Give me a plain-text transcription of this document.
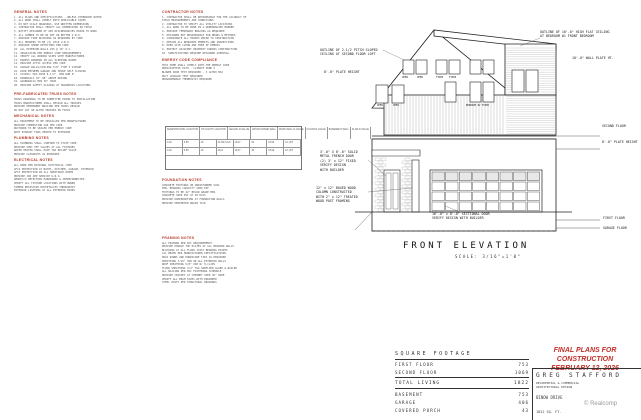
GENERAL NOTES
1. ALL PLANS AND SPECIFICATIONS - UNLESS OTHERWISE NOTED
2. ALL WORK SHALL COMPLY WITH APPLICABLE CODES
3. DO NOT SCALE DRAWINGS. USE WRITTEN DIMENSIONS
4. CONTRACTOR SHALL VERIFY ALL DIMENSIONS IN FIELD
5. NOTIFY DESIGNER OF ANY DISCREPANCIES PRIOR TO WORK
6. ALL LUMBER TO BE #2 SPF OR BETTER U.N.O.
7. PROVIDE FIRE BLOCKING AS REQUIRED BY CODE
8. ALL HEADERS TO BE (2) 2X10 U.N.O.
9. PROVIDE SMOKE DETECTORS PER CODE
10. ALL EXTERIOR WALLS 2X6 @ 16" O.C.
11. INSULATION PER ENERGY CODE REQUIREMENTS
12. VERIFY ALL WINDOW SIZES WITH MANUFACTURER
13. EGRESS WINDOWS IN ALL SLEEPING ROOMS
14. PROVIDE ATTIC ACCESS PER CODE
15. GARAGE WALLS/CEILING 5/8" TYPE X GYPSUM
16. DOOR BETWEEN GARAGE AND HOUSE SELF CLOSING
17. STAIRS: MAX RISE 8 1/4", MIN RUN 9"
18. HANDRAILS 34"-38" ABOVE NOSING
19. GUARDRAILS MIN 36" HIGH
20. PROVIDE SAFETY GLAZING AT HAZARDOUS LOCATIONS
PRE-FABRICATED TRUSS NOTES
TRUSS DRAWINGS TO BE SUBMITTED PRIOR TO INSTALLATION
TRUSS MANUFACTURER SHALL DESIGN ALL TRUSSES
PROVIDE PERMANENT BRACING PER TRUSS DESIGN
DO NOT CUT OR ALTER TRUSSES IN FIELD
MECHANICAL NOTES
ALL EQUIPMENT TO BE INSTALLED PER MANUFACTURER
PROVIDE COMBUSTION AIR PER CODE
DUCTWORK TO BE SEALED PER ENERGY CODE
BATH EXHAUST FANS VENTED TO EXTERIOR
PLUMBING NOTES
ALL PLUMBING SHALL CONFORM TO STATE CODE
PROVIDE SHUT OFF VALVES AT ALL FIXTURES
WATER HEATER SHALL HAVE T&P RELIEF VALVE
PROVIDE CLEANOUTS AS REQUIRED
ELECTRICAL NOTES
ALL WORK PER NATIONAL ELECTRICAL CODE
GFCI PROTECTION AT BATHS, KITCHEN, GARAGE, EXTERIOR
AFCI PROTECTION IN ALL HABITABLE ROOMS
PROVIDE 200 AMP SERVICE U.N.O.
SMOKE/CO DETECTORS HARDWIRED & INTERCONNECTED
VERIFY ALL FIXTURE LOCATIONS WITH OWNER
TAMPER RESISTANT RECEPTACLES THROUGHOUT
EXTERIOR LIGHTING AT ALL EXTERIOR DOORS
CONTRACTOR NOTES
1. CONTRACTOR SHALL BE RESPONSIBLE FOR THE ACCURACY OF
FIELD MEASUREMENTS AND CONDITIONS
2. CONTRACTOR TO VERIFY ALL UTILITY LOCATIONS
3. ALL WORK TO BE DONE IN A WORKMANLIKE MANNER
4. PROVIDE TEMPORARY BRACING AS REQUIRED
5. DESIGNER NOT RESPONSIBLE FOR MEANS & METHODS
6. COORDINATE ALL TRADES PRIOR TO CONSTRUCTION
7. OBTAIN ALL REQUIRED PERMITS AND INSPECTIONS
8. KEEP SITE CLEAN AND FREE OF DEBRIS
9. PROTECT ADJACENT PROPERTY DURING CONSTRUCTION
10. SUBSTITUTIONS REQUIRE DESIGNER APPROVAL
ENERGY CODE COMPLIANCE
THIS HOME SHALL COMPLY WITH THE ENERGY CODE
PRESCRIPTIVE PATH - CLIMATE ZONE 5
BLOWER DOOR TEST REQUIRED - 3 ACH50 MAX
DUCT LEAKAGE TEST REQUIRED
PROGRAMMABLE THERMOSTAT REQUIRED
FENESTRATION U-FACTOR	SKYLIGHT U-FACTOR	CEILING R-VALUE	WOOD FRAME WALL	MASS WALL R-VALUE	FLOOR R-VALUE	BASEMENT WALL	SLAB R-VALUE
0.30	0.55	49	20 OR 13+5	13/17	30	15/19	10, 2FT
0.30	0.55	49	20+5	13/17	30	15/19	10, 2FT
FOUNDATION NOTES
CONCRETE FOOTINGS ON UNDISTURBED SOIL
MIN. BEARING CAPACITY 2000 PSF
FOOTINGS TO BE 42" BELOW GRADE MIN.
CONCRETE 3000 PSI AT 28 DAYS
PROVIDE DAMPPROOFING AT FOUNDATION WALLS
PROVIDE PERIMETER DRAIN TILE
FRAMING NOTES
ALL FRAMING PER IRC REQUIREMENTS
PROVIDE DOUBLE TOP PLATES AT ALL BEARING WALLS
BLOCKING AT ALL FLOOR JOIST BEARING POINTS
LVL BEAMS PER MANUFACTURER SPECIFICATIONS
HOLD DOWNS AND HURRICANE TIES AS REQUIRED
SHEATHING 7/16" OSB ON ALL EXTERIOR WALLS
ROOF SHEATHING 5/8" OSB W/ H-CLIPS
FLOOR SHEATHING 3/4" T&G SUBFLOOR GLUED & NAILED
ALL NAILING PER IRC FASTENING SCHEDULE
PROVIDE CRICKET AT CHIMNEY OVER 30" WIDE
VERIFY ALL BEAM SIZES WITH ENGINEER
STEEL POSTS PER STRUCTURAL DRAWINGS
OUTLINE OF 2-1/2 PITCH SLOPED
CEILING AT SECOND FLOOR LOFT
OUTLINE OF 10'-0" HIGH FLAT CEILING
AT BEDROOM #1 FRONT BEDROOM
8'-0" PLATE HEIGHT
10'-0" WALL PLATE HT.
SECOND FLOOR
8'-0" PLATE HEIGHT
3'-0" X 8'-0" SOLID
METAL FRENCH DOOR
(2) 3' x 12" FIXED
VERIFY DESIGN
WITH BUILDER
12" x 12" BOXED WOOD
COLUMN CONSTRUCTED
WITH 2" x 12" TREATED
WOOD POST FRAMING
16'-0" x 8'-0" SECTIONAL DOOR
VERIFY DESIGN WITH BUILDER	FIRST FLOOR
GARAGE FLOOR
OPEN	OPEN	FIXED FIXED
OPEN	OPEN	BEDROOM #2 FIXED
FRONT ELEVATION
SCALE: 3/16"=1'0"
SQUARE FOOTAGE
FIRST FLOOR	753
SECOND FLOOR	1069
TOTAL LIVING	1822
BASEMENT	753
GARAGE	406
COVERED PORCH	43
FINAL PLANS FOR CONSTRUCTION
FEBRUARY 12, 2026
GREG STAFFORD
RESIDENTIAL & COMMERCIAL
ARCHITECTURAL DESIGN
BINOW DRIVE
1822 SQ. FT.
© Realcomp
